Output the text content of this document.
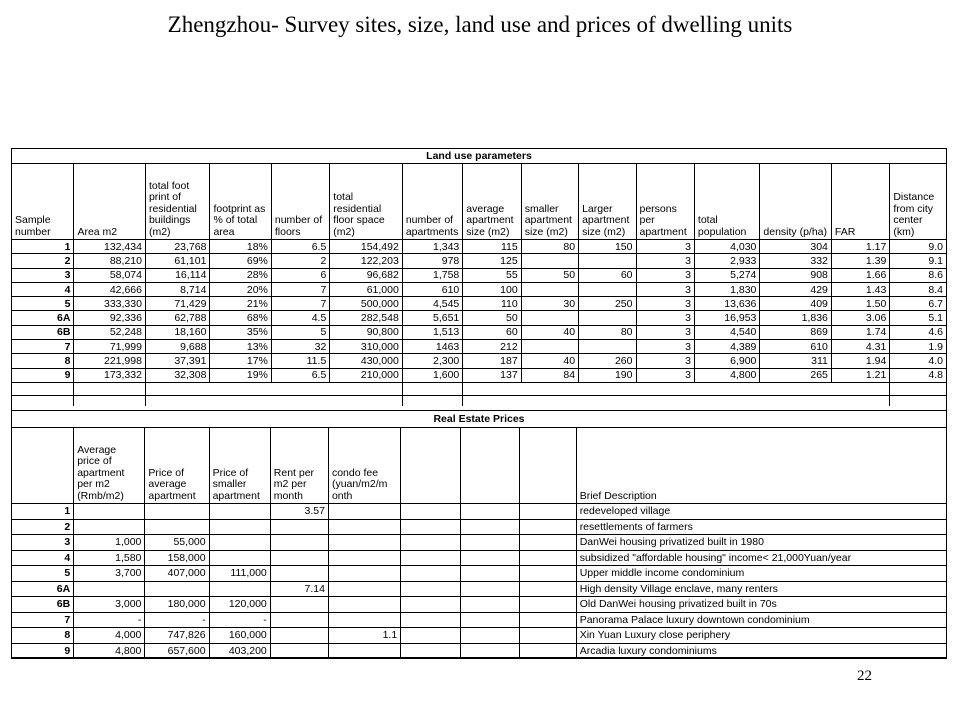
Zhengzhou- Survey sites, size, land use and prices of dwelling units
Land use parameters														
Sample number	Area m2	total foot print of residential buildings (m2)	footprint as % of total area	number of floors	total residential floor space (m2)	number of apartments	average apartment size (m2)	smaller apartment size (m2)	Larger apartment size (m2)	persons per apartment	total population	density (p/ha)	FAR	Distance from city center (km)
1	132,434	23,768	18%	6.5	154,492	1,343	115	80	150	3	4,030	304	1.17	9.0
2	88,210	61,101	69%	2	122,203	978	125			3	2,933	332	1.39	9.1
3	58,074	16,114	28%	6	96,682	1,758	55	50	60	3	5,274	908	1.66	8.6
4	42,666	8,714	20%	7	61,000	610	100			3	1,830	429	1.43	8.4
5	333,330	71,429	21%	7	500,000	4,545	110	30	250	3	13,636	409	1.50	6.7
6A	92,336	62,788	68%	4.5	282,548	5,651	50			3	16,953	1,836	3.06	5.1
6B	52,248	18,160	35%	5	90,800	1,513	60	40	80	3	4,540	869	1.74	4.6
7	71,999	9,688	13%	32	310,000	1463	212			3	4,389	610	4.31	1.9
8	221,998	37,391	17%	11.5	430,000	2,300	187	40	260	3	6,900	311	1.94	4.0
9	173,332	32,308	19%	6.5	210,000	1,600	137	84	190	3	4,800	265	1.21	4.8

Real Estate Prices									
	Average price of apartment per m2 (Rmb/m2)	Price of average apartment	Price of smaller apartment	Rent per m2 per month	condo fee (yuan/m2/m onth				Brief Description
1				3.57					redeveloped village
2									resettlements of farmers
3	1,000	55,000							DanWei housing privatized built in 1980
4	1,580	158,000							subsidized "affordable housing" income< 21,000Yuan/year
5	3,700	407,000	111,000						Upper middle income condominium
6A				7.14					High density Village enclave, many renters
6B	3,000	180,000	120,000						Old DanWei housing privatized built in 70s
7	-	-	-						Panorama Palace luxury downtown condominium
8	4,000	747,826	160,000		1.1				Xin Yuan Luxury close periphery
9	4,800	657,600	403,200						Arcadia luxury condominiums
22
